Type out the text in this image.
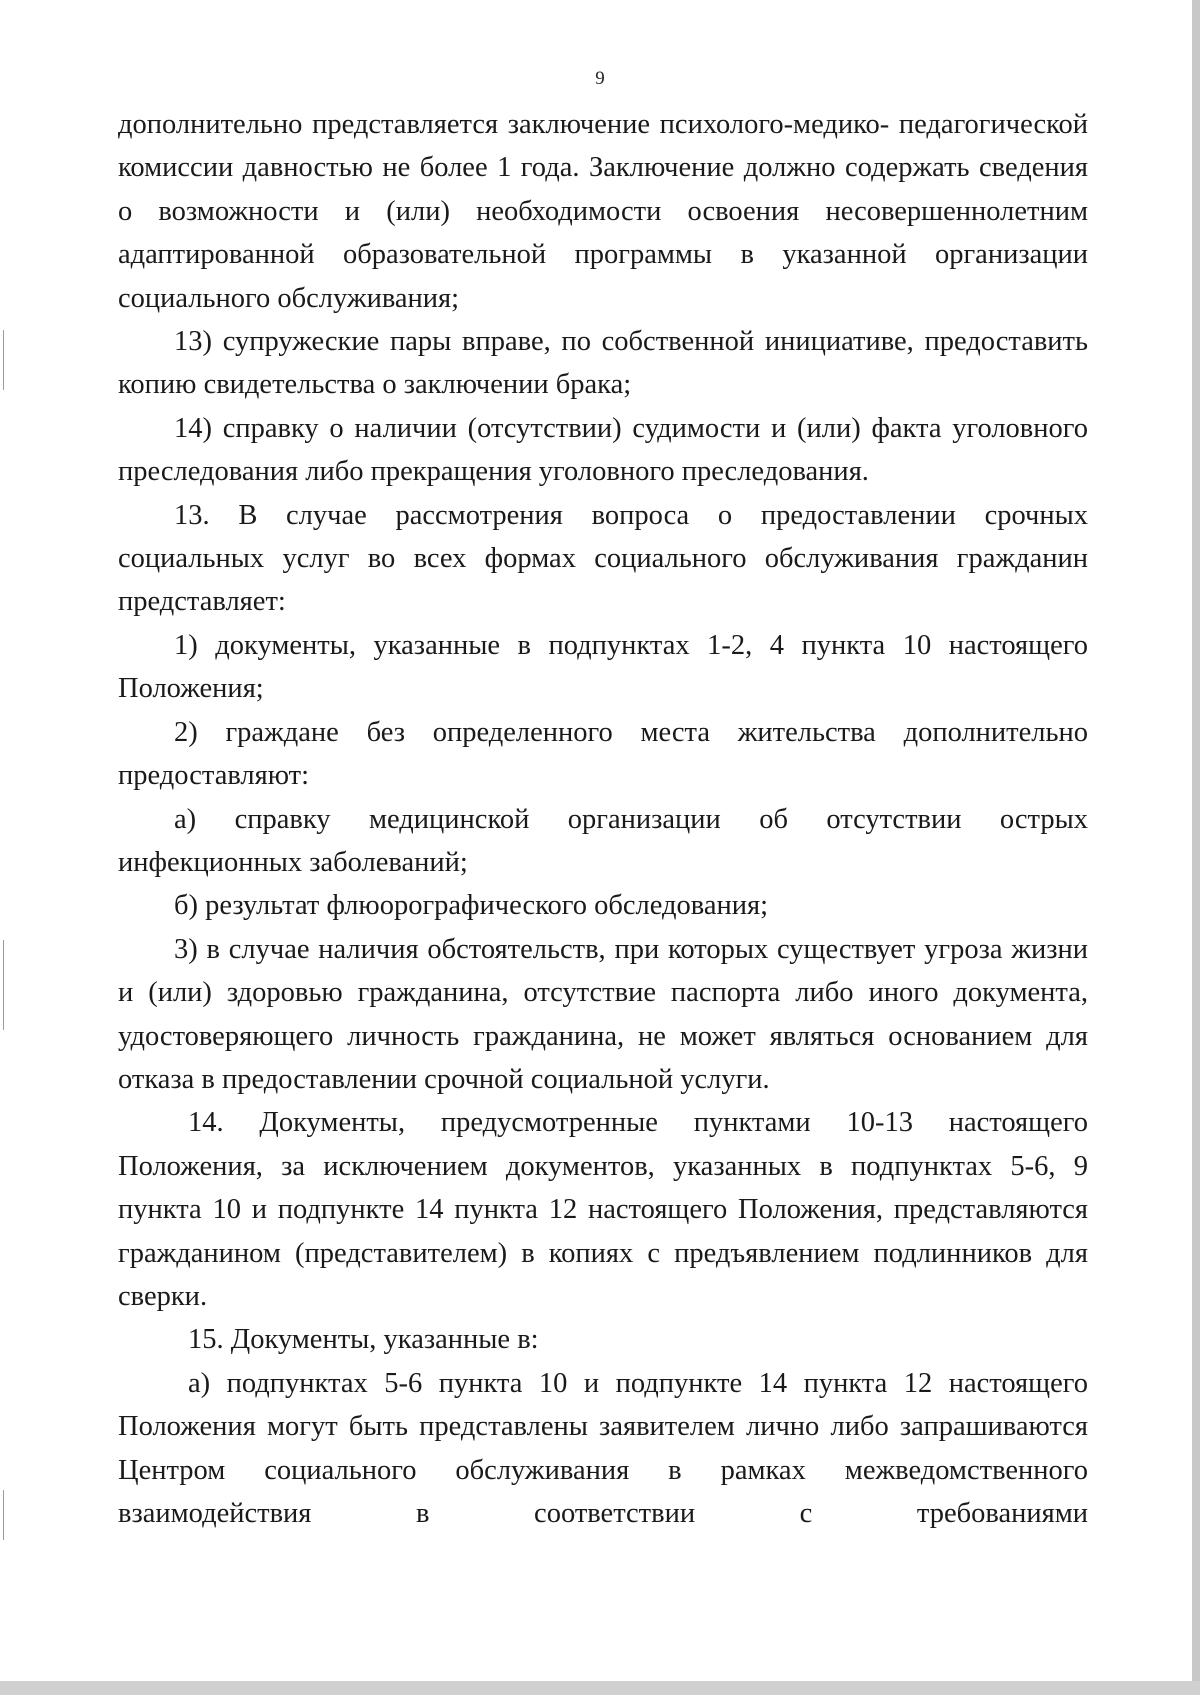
9

дополнительно представляется заключение психолого-медико- педагогической комиссии давностью не более 1 года. Заключение должно содержать сведения о возможности и (или) необходимости освоения несовершеннолетним адаптированной образовательной программы в указанной организации социального обслуживания;

13) супружеские пары вправе, по собственной инициативе, предоставить копию свидетельства о заключении брака;

14) справку о наличии (отсутствии) судимости и (или) факта уголовного преследования либо прекращения уголовного преследования.

13. В случае рассмотрения вопроса о предоставлении срочных социальных услуг во всех формах социального обслуживания гражданин представляет:

1) документы, указанные в подпунктах 1-2, 4 пункта 10 настоящего Положения;

2) граждане без определенного места жительства дополнительно предоставляют:

а) справку медицинской организации об отсутствии острых инфекционных заболеваний;

б) результат флюорографического обследования;

3) в случае наличия обстоятельств, при которых существует угроза жизни и (или) здоровью гражданина, отсутствие паспорта либо иного документа, удостоверяющего личность гражданина, не может являться основанием для отказа в предоставлении срочной социальной услуги.

14. Документы, предусмотренные пунктами 10-13 настоящего Положения, за исключением документов, указанных в подпунктах 5-6, 9 пункта 10 и подпункте 14 пункта 12 настоящего Положения, представляются гражданином (представителем) в копиях с предъявлением подлинников для сверки.

15. Документы, указанные в:

а) подпунктах 5-6 пункта 10 и подпункте 14 пункта 12 настоящего Положения могут быть представлены заявителем лично либо запрашиваются Центром социального обслуживания в рамках межведомственного взаимодействия в соответствии с требованиями
